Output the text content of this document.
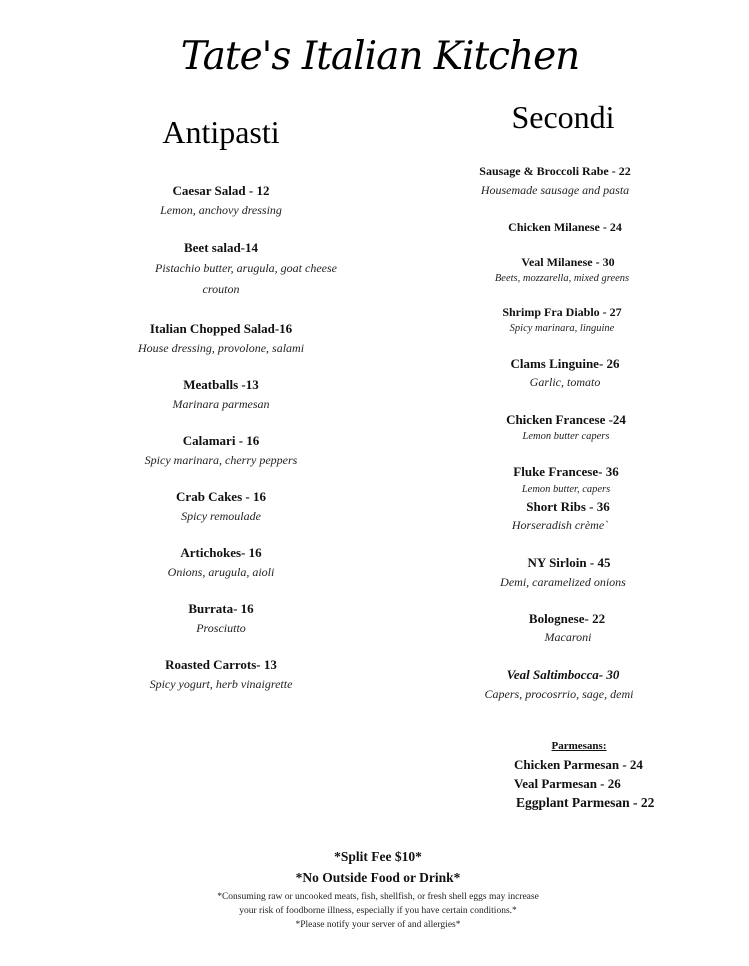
Tate's Italian Kitchen
Antipasti
Caesar Salad - 12
Lemon, anchovy dressing
Beet salad-14
Pistachio butter, arugula, goat cheese
crouton
Italian Chopped Salad-16
House dressing, provolone, salami
Meatballs -13
Marinara parmesan
Calamari - 16
Spicy marinara, cherry peppers
Crab Cakes - 16
Spicy remoulade
Artichokes- 16
Onions, arugula, aioli
Burrata- 16
Prosciutto
Roasted Carrots- 13
Spicy yogurt, herb vinaigrette
Secondi
Sausage & Broccoli Rabe - 22
Housemade sausage and pasta
Chicken Milanese - 24
Veal Milanese - 30
Beets, mozzarella, mixed greens
Shrimp Fra Diablo - 27
Spicy marinara, linguine
Clams Linguine- 26
Garlic, tomato
Chicken Francese -24
Lemon butter capers
Fluke Francese- 36
Lemon butter, capers
Short Ribs - 36
Horseradish crème`
NY Sirloin - 45
Demi, caramelized onions
Bolognese- 22
Macaroni
Veal Saltimbocca- 30
Capers, procosrrio, sage, demi
Parmesans:
Chicken Parmesan - 24
Veal Parmesan - 26
Eggplant Parmesan - 22
*Split Fee $10*
*No Outside Food or Drink*
*Consuming raw or uncooked meats, fish, shellfish, or fresh shell eggs may increase
your risk of foodborne illness, especially if you have certain conditions.*
*Please notify your server of and allergies*
